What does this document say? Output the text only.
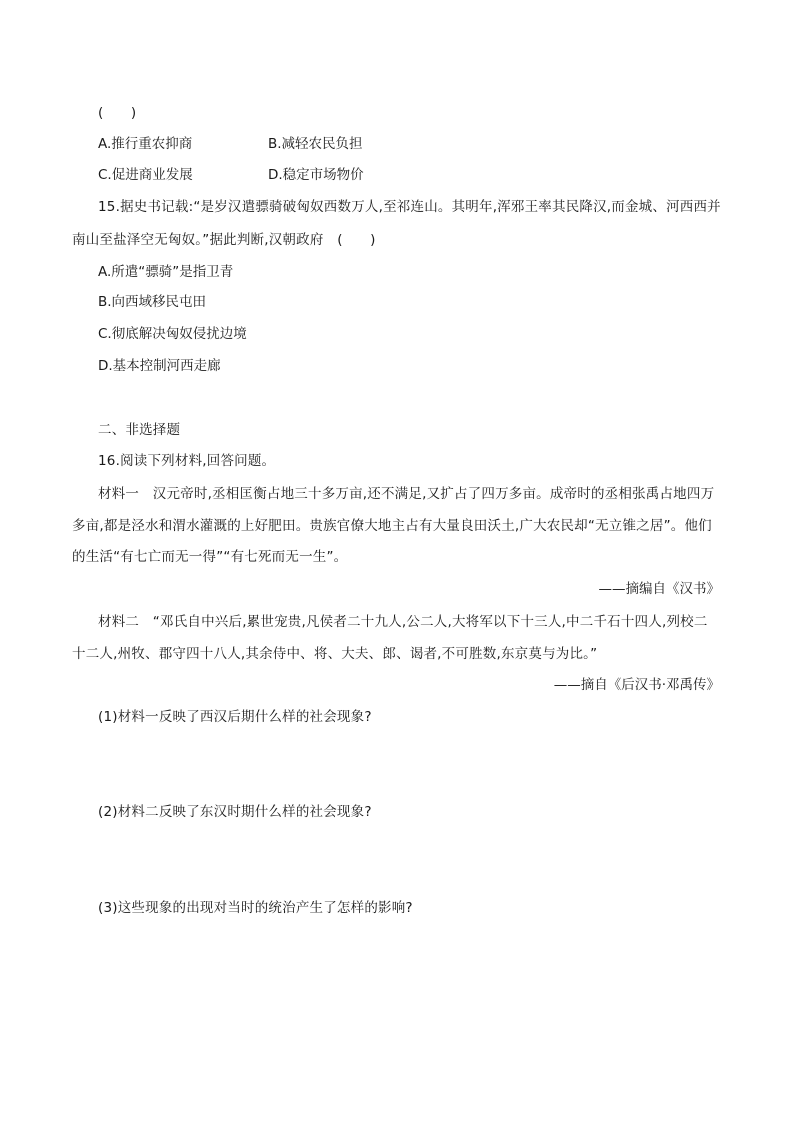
(　　)
A.推行重农抑商	B.减轻农民负担
C.促进商业发展	D.稳定市场物价
15.据史书记载:“是岁汉遣骠骑破匈奴西数万人,至祁连山。其明年,浑邪王率其民降汉,而金城、河西西并
南山至盐泽空无匈奴。”据此判断,汉朝政府　(　　)
A.所遣“骠骑”是指卫青
B.向西域移民屯田
C.彻底解决匈奴侵扰边境
D.基本控制河西走廊
二、非选择题
16.阅读下列材料,回答问题。
材料一　汉元帝时,丞相匡衡占地三十多万亩,还不满足,又扩占了四万多亩。成帝时的丞相张禹占地四万
多亩,都是泾水和渭水灌溉的上好肥田。贵族官僚大地主占有大量良田沃土,广大农民却“无立锥之居”。他们
的生活“有七亡而无一得”“有七死而无一生”。
——摘编自《汉书》
材料二　“邓氏自中兴后,累世宠贵,凡侯者二十九人,公二人,大将军以下十三人,中二千石十四人,列校二
十二人,州牧、郡守四十八人,其余侍中、将、大夫、郎、谒者,不可胜数,东京莫与为比。”
——摘自《后汉书·邓禹传》
(1)材料一反映了西汉后期什么样的社会现象?
(2)材料二反映了东汉时期什么样的社会现象?
(3)这些现象的出现对当时的统治产生了怎样的影响?
